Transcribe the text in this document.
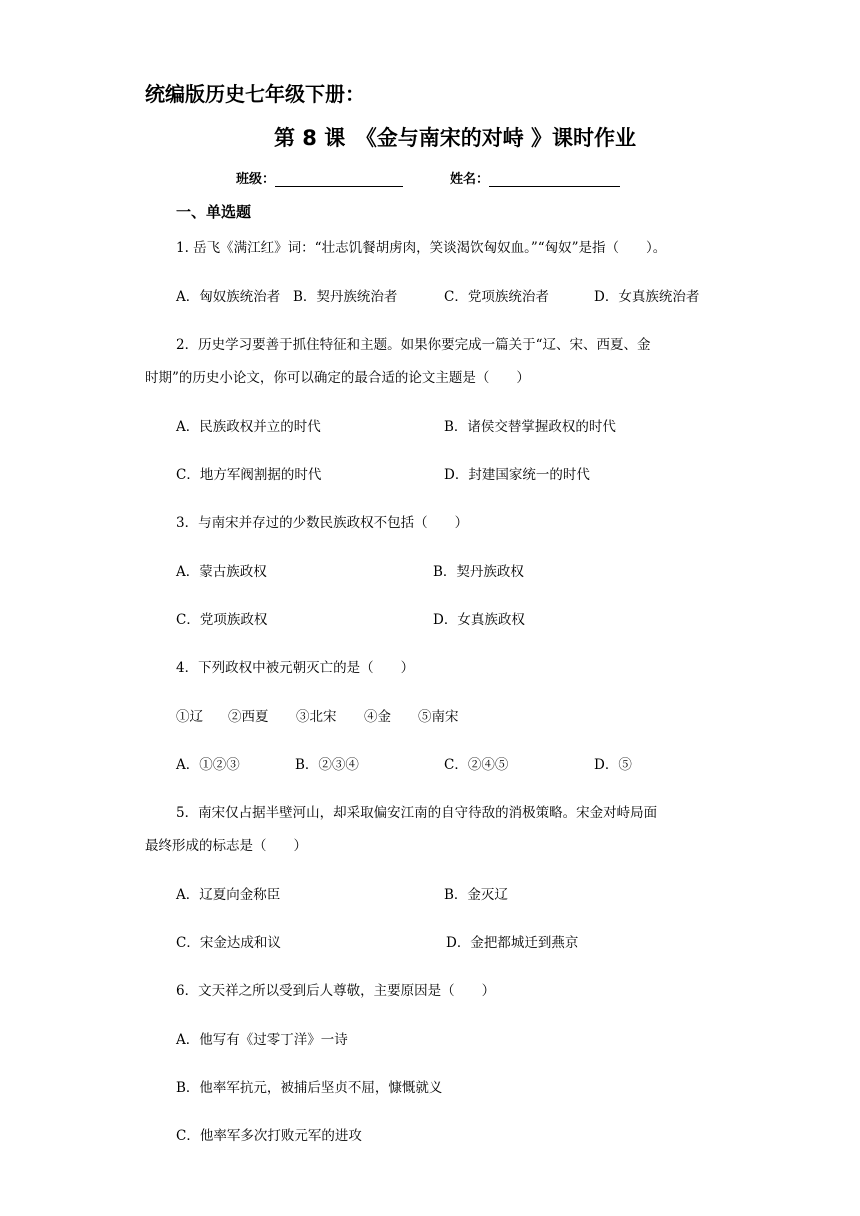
统编版历史七年级下册：
第 8 课　《金与南宋的对峙 》课时作业
班级：	姓名：
一、单选题
1. 岳飞《满江红》词：“壮志饥餐胡虏肉，笑谈渴饮匈奴血。”“匈奴”是指（　　）。
A．匈奴族统治者 B．契丹族统治者	C．党项族统治者	D．女真族统治者
2．历史学习要善于抓住特征和主题。如果你要完成一篇关于“辽、宋、西夏、金
时期”的历史小论文，你可以确定的最合适的论文主题是（　　）
A．民族政权并立的时代	B．诸侯交替掌握政权的时代
C．地方军阀割据的时代	D．封建国家统一的时代
3．与南宋并存过的少数民族政权不包括（　　）
A．蒙古族政权	B．契丹族政权
C．党项族政权	D．女真族政权
4．下列政权中被元朝灭亡的是（　　）
①辽 ②西夏 ③北宋 ④金 ⑤南宋
A．①②③	B．②③④	C．②④⑤	D．⑤
5．南宋仅占据半壁河山，却采取偏安江南的自守待敌的消极策略。宋金对峙局面
最终形成的标志是（　　）
A．辽夏向金称臣	B．金灭辽
C．宋金达成和议	D．金把都城迁到燕京
6．文天祥之所以受到后人尊敬，主要原因是（　　）
A．他写有《过零丁洋》一诗
B．他率军抗元，被捕后坚贞不屈，慷慨就义
C．他率军多次打败元军的进攻
